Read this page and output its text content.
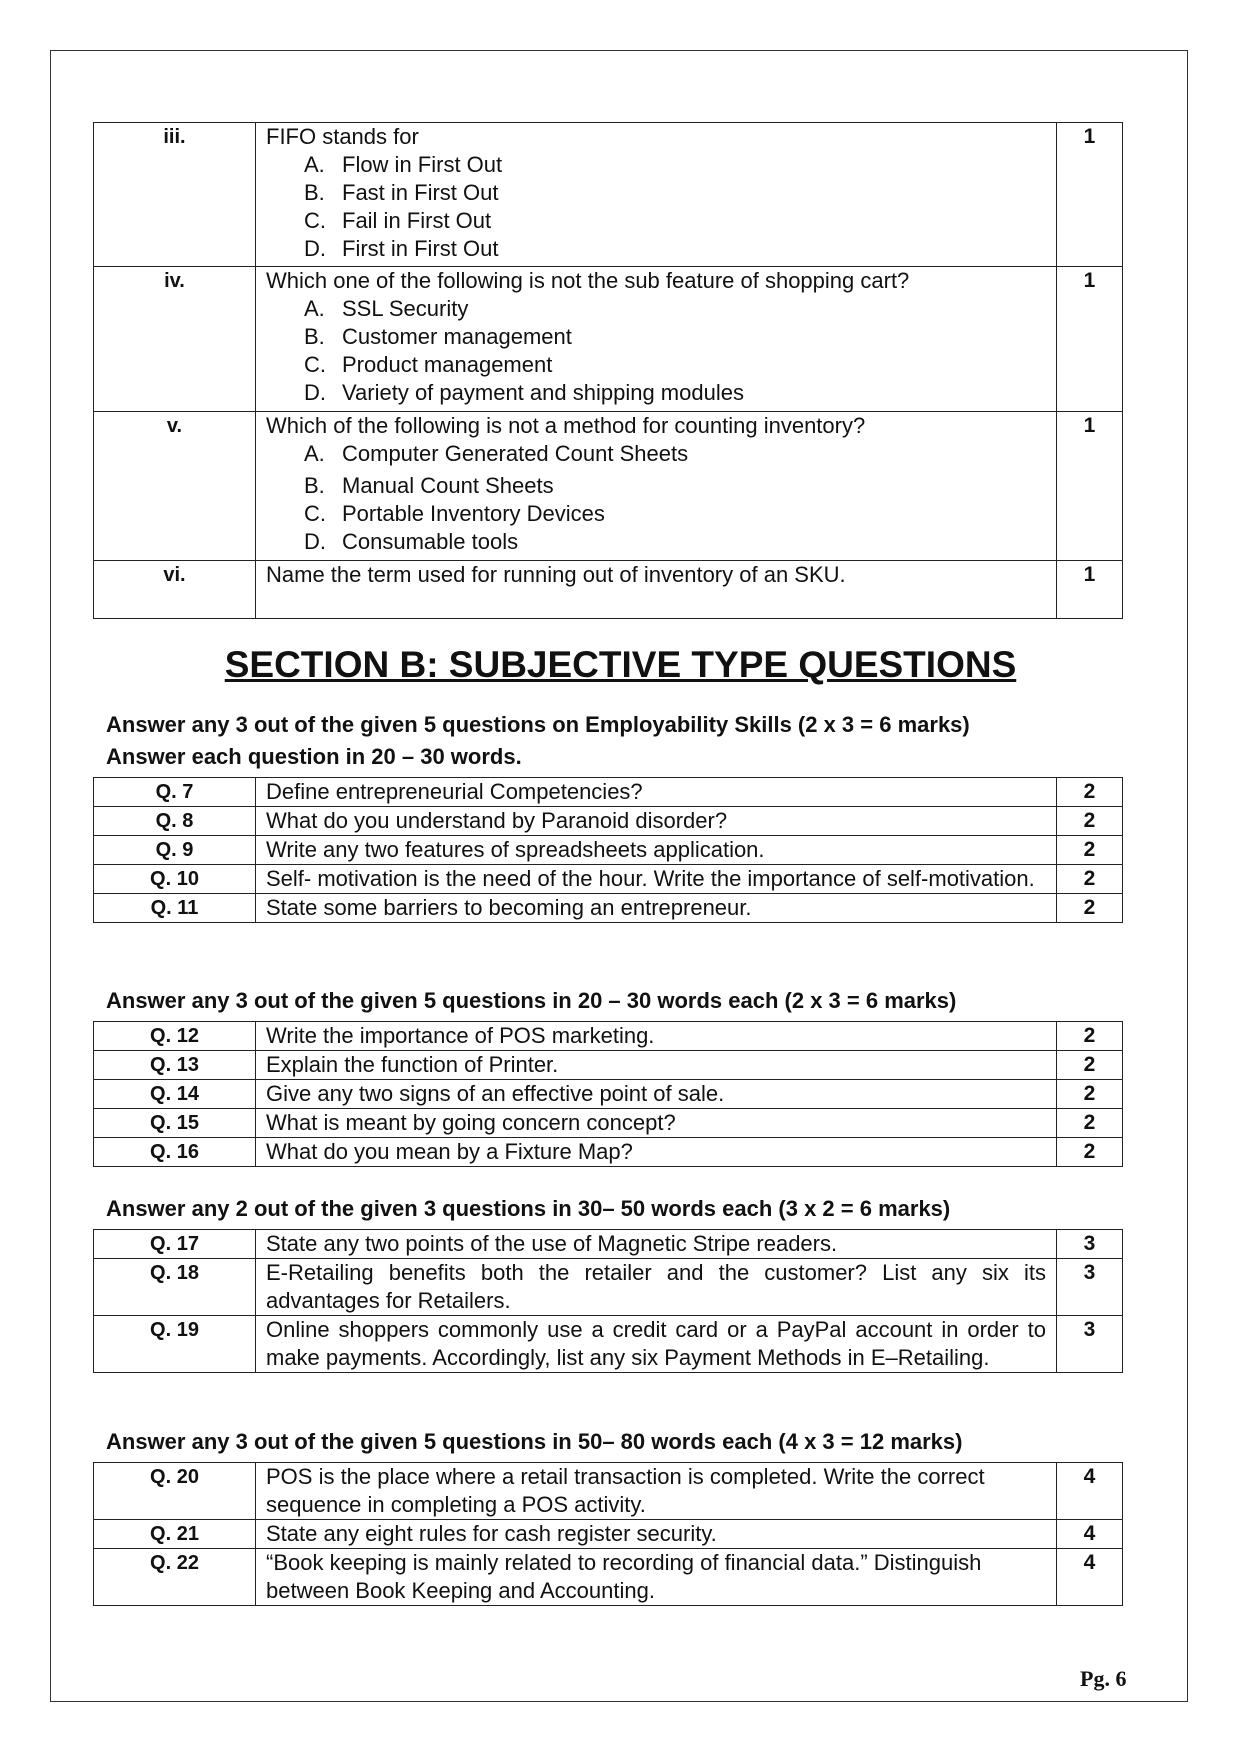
iii.	FIFO stands for
A. Flow in First Out
B. Fast in First Out
C. Fail in First Out
D. First in First Out	1
iv.	Which one of the following is not the sub feature of shopping cart?
A. SSL Security
B. Customer management
C. Product management
D. Variety of payment and shipping modules	1
v.	Which of the following is not a method for counting inventory?
A. Computer Generated Count Sheets
B. Manual Count Sheets
C. Portable Inventory Devices
D. Consumable tools	1
vi.	Name the term used for running out of inventory of an SKU.	1
SECTION B: SUBJECTIVE TYPE QUESTIONS
Answer any 3 out of the given 5 questions on Employability Skills (2 x 3 = 6 marks)
Answer each question in 20 – 30 words.
Q. 7	Define entrepreneurial Competencies?	2
Q. 8	What do you understand by Paranoid disorder?	2
Q. 9	Write any two features of spreadsheets application.	2
Q. 10	Self- motivation is the need of the hour. Write the importance of self-motivation.	2
Q. 11	State some barriers to becoming an entrepreneur.	2
Answer any 3 out of the given 5 questions in 20 – 30 words each (2 x 3 = 6 marks)
Q. 12	Write the importance of POS marketing.	2
Q. 13	Explain the function of Printer.	2
Q. 14	Give any two signs of an effective point of sale.	2
Q. 15	What is meant by going concern concept?	2
Q. 16	What do you mean by a Fixture Map?	2
Answer any 2 out of the given 3 questions in 30– 50 words each (3 x 2 = 6 marks)
Q. 17	State any two points of the use of Magnetic Stripe readers.	3
Q. 18	E-Retailing benefits both the retailer and the customer? List any six its advantages for Retailers.	3
Q. 19	Online shoppers commonly use a credit card or a PayPal account in order to make payments. Accordingly, list any six Payment Methods in E–Retailing.	3
Answer any 3 out of the given 5 questions in 50– 80 words each (4 x 3 = 12 marks)
Q. 20	POS is the place where a retail transaction is completed. Write the correct sequence in completing a POS activity.	4
Q. 21	State any eight rules for cash register security.	4
Q. 22	“Book keeping is mainly related to recording of financial data.” Distinguish between Book Keeping and Accounting.	4
Pg. 6
